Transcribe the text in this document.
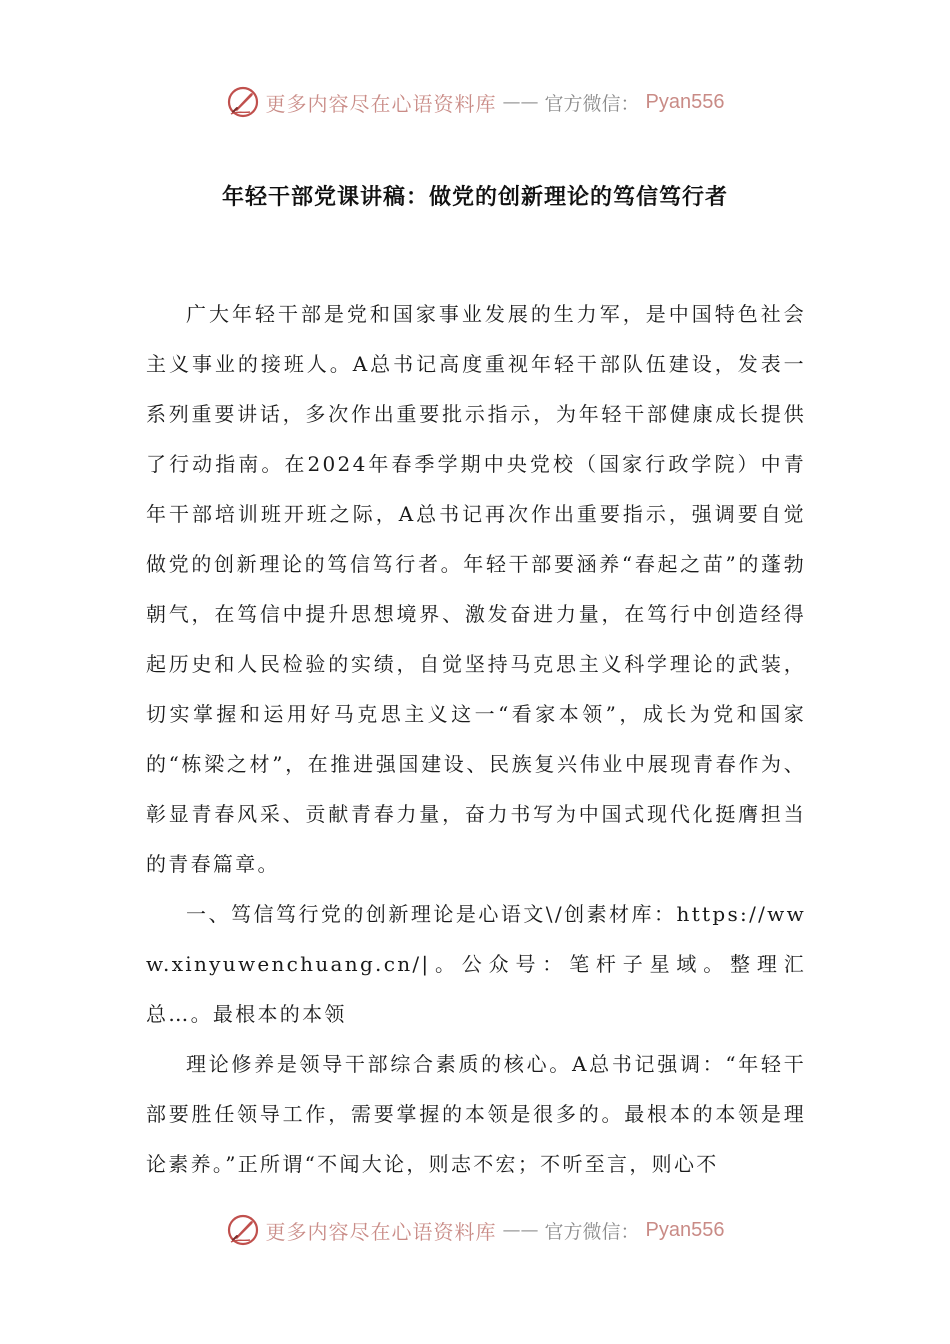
更多内容尽在心语资料库 —— 官方微信： Pyan556
年轻干部党课讲稿：做党的创新理论的笃信笃行者

广大年轻干部是党和国家事业发展的生力军，是中国特色社会主义事业的接班人。A总书记高度重视年轻干部队伍建设，发表一系列重要讲话，多次作出重要批示指示，为年轻干部健康成长提供了行动指南。在2024年春季学期中央党校（国家行政学院）中青年干部培训班开班之际，A总书记再次作出重要指示，强调要自觉做党的创新理论的笃信笃行者。年轻干部要涵养“春起之苗”的蓬勃朝气，在笃信中提升思想境界、激发奋进力量，在笃行中创造经得起历史和人民检验的实绩，自觉坚持马克思主义科学理论的武装，切实掌握和运用好马克思主义这一“看家本领”，成长为党和国家的“栋梁之材”，在推进强国建设、民族复兴伟业中展现青春作为、彰显青春风采、贡献青春力量，奋力书写为中国式现代化挺膺担当的青春篇章。

一、笃信笃行党的创新理论是心语文\/创素材库：https://www.xinyuwenchuang.cn/|。公众号：笔杆子星域。整理汇总…。最根本的本领

理论修养是领导干部综合素质的核心。A总书记强调：“年轻干部要胜任领导工作，需要掌握的本领是很多的。最根本的本领是理论素养。”正所谓“不闻大论，则志不宏；不听至言，则心不

更多内容尽在心语资料库 —— 官方微信： Pyan556
